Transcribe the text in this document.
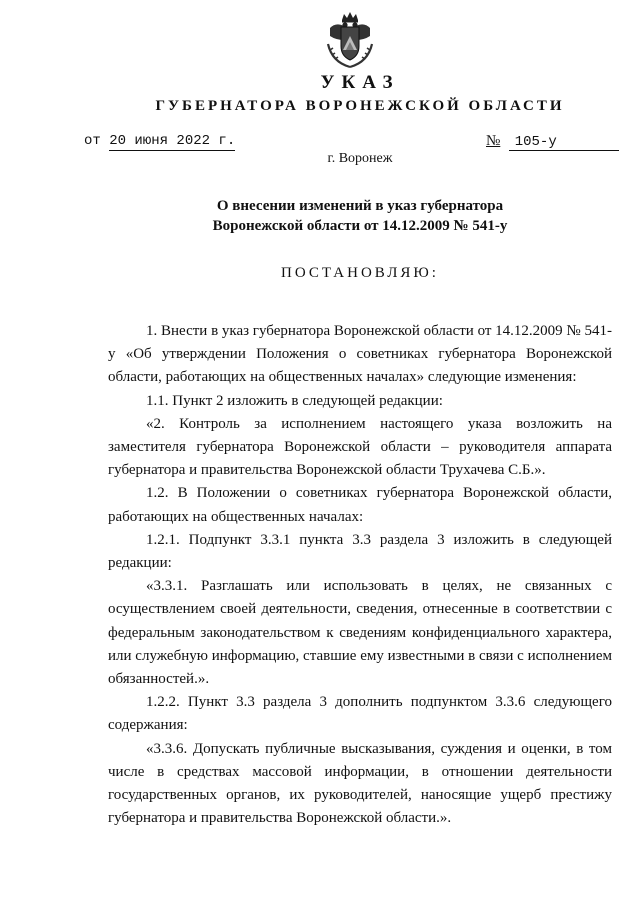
УКАЗ
ГУБЕРНАТОРА ВОРОНЕЖСКОЙ ОБЛАСТИ
от 20 июня 2022 г.	№ 105-у
г. Воронеж
О внесении изменений в указ губернатора
Воронежской области от 14.12.2009 № 541-у
ПОСТАНОВЛЯЮ:

1. Внести в указ губернатора Воронежской области от 14.12.2009 № 541-у «Об утверждении Положения о советниках губернатора Воронежской области, работающих на общественных началах» следующие изменения:

1.1. Пункт 2 изложить в следующей редакции:

«2. Контроль за исполнением настоящего указа возложить на заместителя губернатора Воронежской области – руководителя аппарата губернатора и правительства Воронежской области Трухачева С.Б.».

1.2. В Положении о советниках губернатора Воронежской области, работающих на общественных началах:

1.2.1. Подпункт 3.3.1 пункта 3.3 раздела 3 изложить в следующей редакции:

«3.3.1. Разглашать или использовать в целях, не связанных с осуществлением своей деятельности, сведения, отнесенные в соответствии с федеральным законодательством к сведениям конфиденциального характера, или служебную информацию, ставшие ему известными в связи с исполнением обязанностей.».

1.2.2. Пункт 3.3 раздела 3 дополнить подпунктом 3.3.6 следующего содержания:

«3.3.6. Допускать публичные высказывания, суждения и оценки, в том числе в средствах массовой информации, в отношении деятельности государственных органов, их руководителей, наносящие ущерб престижу губернатора и правительства Воронежской области.».
